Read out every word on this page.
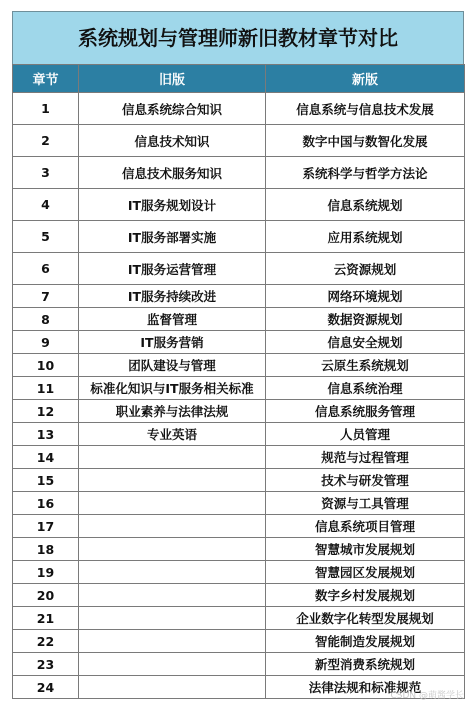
系统规划与管理师新旧教材章节对比
章节	旧版	新版
1	信息系统综合知识	信息系统与信息技术发展
2	信息技术知识	数字中国与数智化发展
3	信息技术服务知识	系统科学与哲学方法论
4	IT服务规划设计	信息系统规划
5	IT服务部署实施	应用系统规划
6	IT服务运营管理	云资源规划
7	IT服务持续改进	网络环境规划
8	监督管理	数据资源规划
9	IT服务营销	信息安全规划
10	团队建设与管理	云原生系统规划
11	标准化知识与IT服务相关标准	信息系统治理
12	职业素养与法律法规	信息系统服务管理
13	专业英语	人员管理
14		规范与过程管理
15		技术与研发管理
16		资源与工具管理
17		信息系统项目管理
18		智慧城市发展规划
19		智慧园区发展规划
20		数字乡村发展规划
21		企业数字化转型发展规划
22		智能制造发展规划
23		新型消费系统规划
24		法律法规和标准规范
CSDN @萌酱学长
